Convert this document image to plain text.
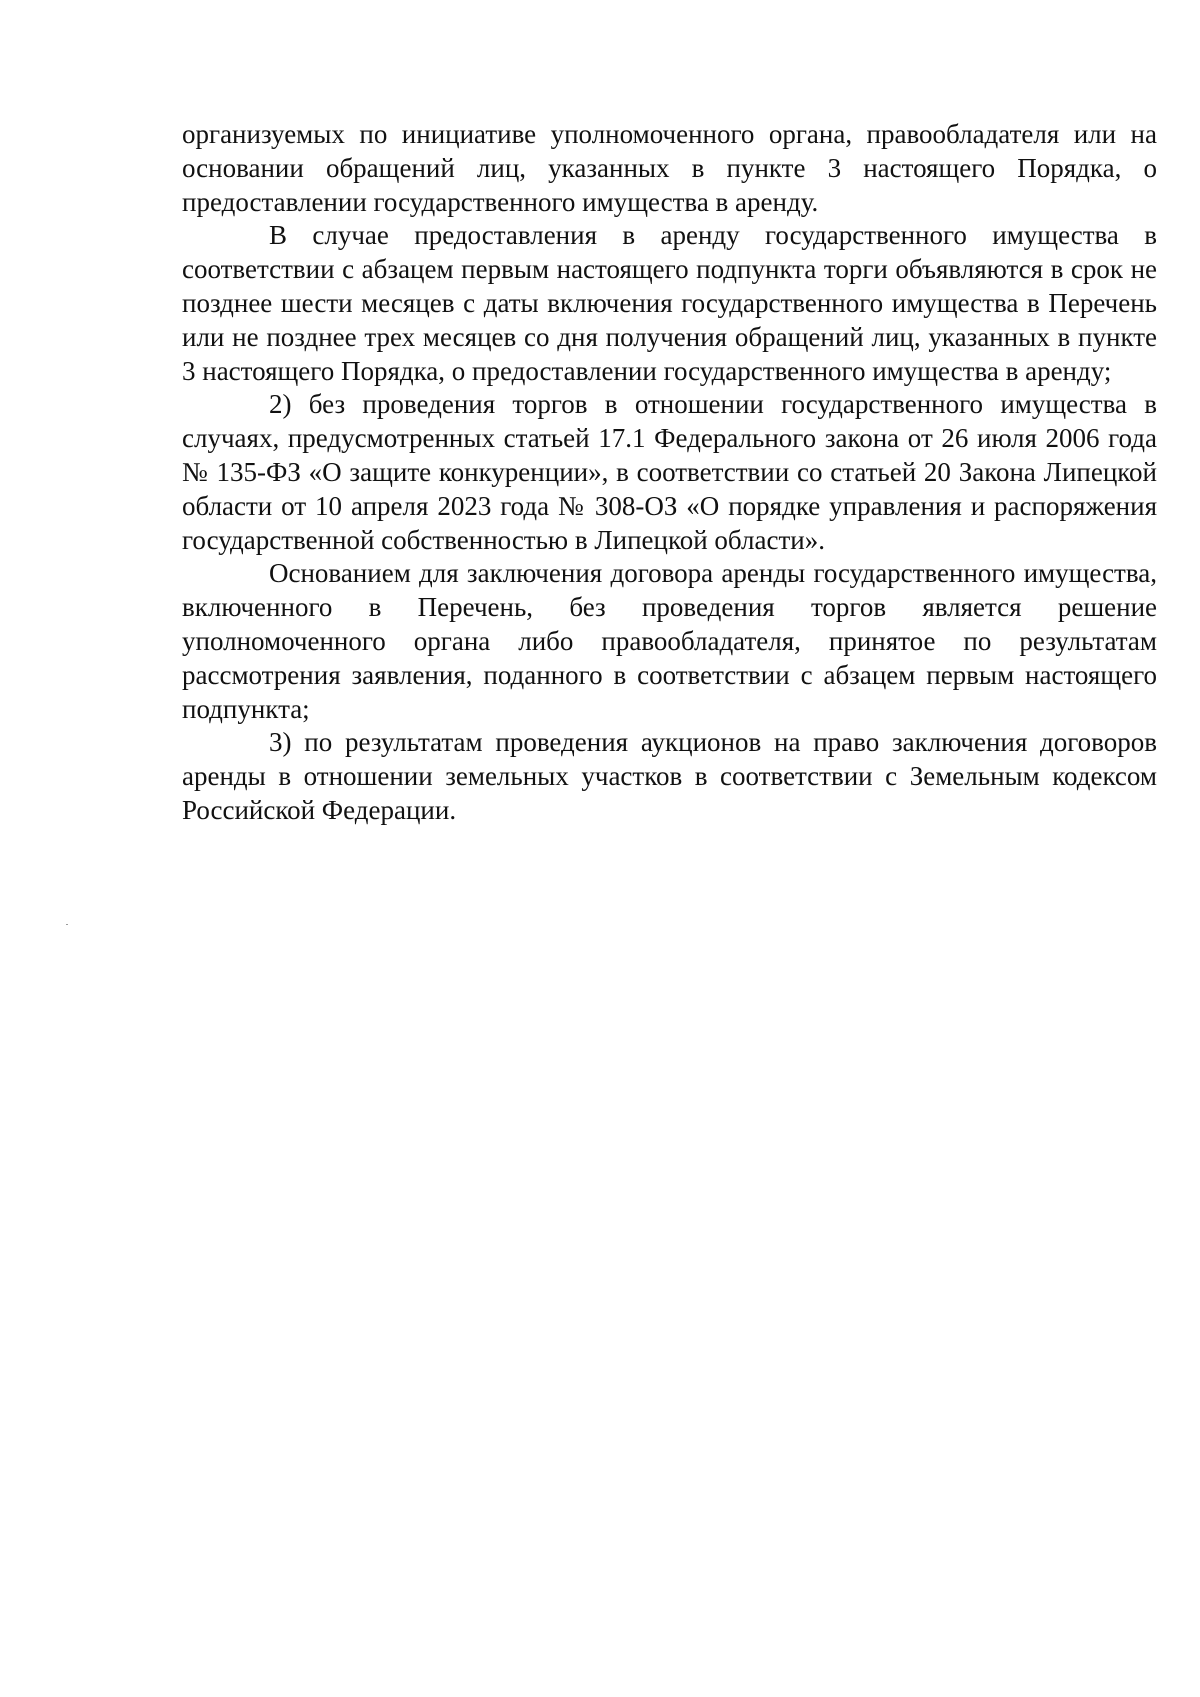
организуемых по инициативе уполномоченного органа, правообладателя или на основании обращений лиц, указанных в пункте 3 настоящего Порядка, о предоставлении государственного имущества в аренду.

В случае предоставления в аренду государственного имущества в соответствии с абзацем первым настоящего подпункта торги объявляются в срок не позднее шести месяцев с даты включения государственного имущества в Перечень или не позднее трех месяцев со дня получения обращений лиц, указанных в пункте 3 настоящего Порядка, о предоставлении государственного имущества в аренду;

2) без проведения торгов в отношении государственного имущества в случаях, предусмотренных статьей 17.1 Федерального закона от 26 июля 2006 года № 135-ФЗ «О защите конкуренции», в соответствии со статьей 20 Закона Липецкой области от 10 апреля 2023 года № 308-ОЗ «О порядке управления и распоряжения государственной собственностью в Липецкой области».

Основанием для заключения договора аренды государственного имущества, включенного в Перечень, без проведения торгов является решение уполномоченного органа либо правообладателя, принятое по результатам рассмотрения заявления, поданного в соответствии с абзацем первым настоящего подпункта;

3) по результатам проведения аукционов на право заключения договоров аренды в отношении земельных участков в соответствии с Земельным кодексом Российской Федерации.
